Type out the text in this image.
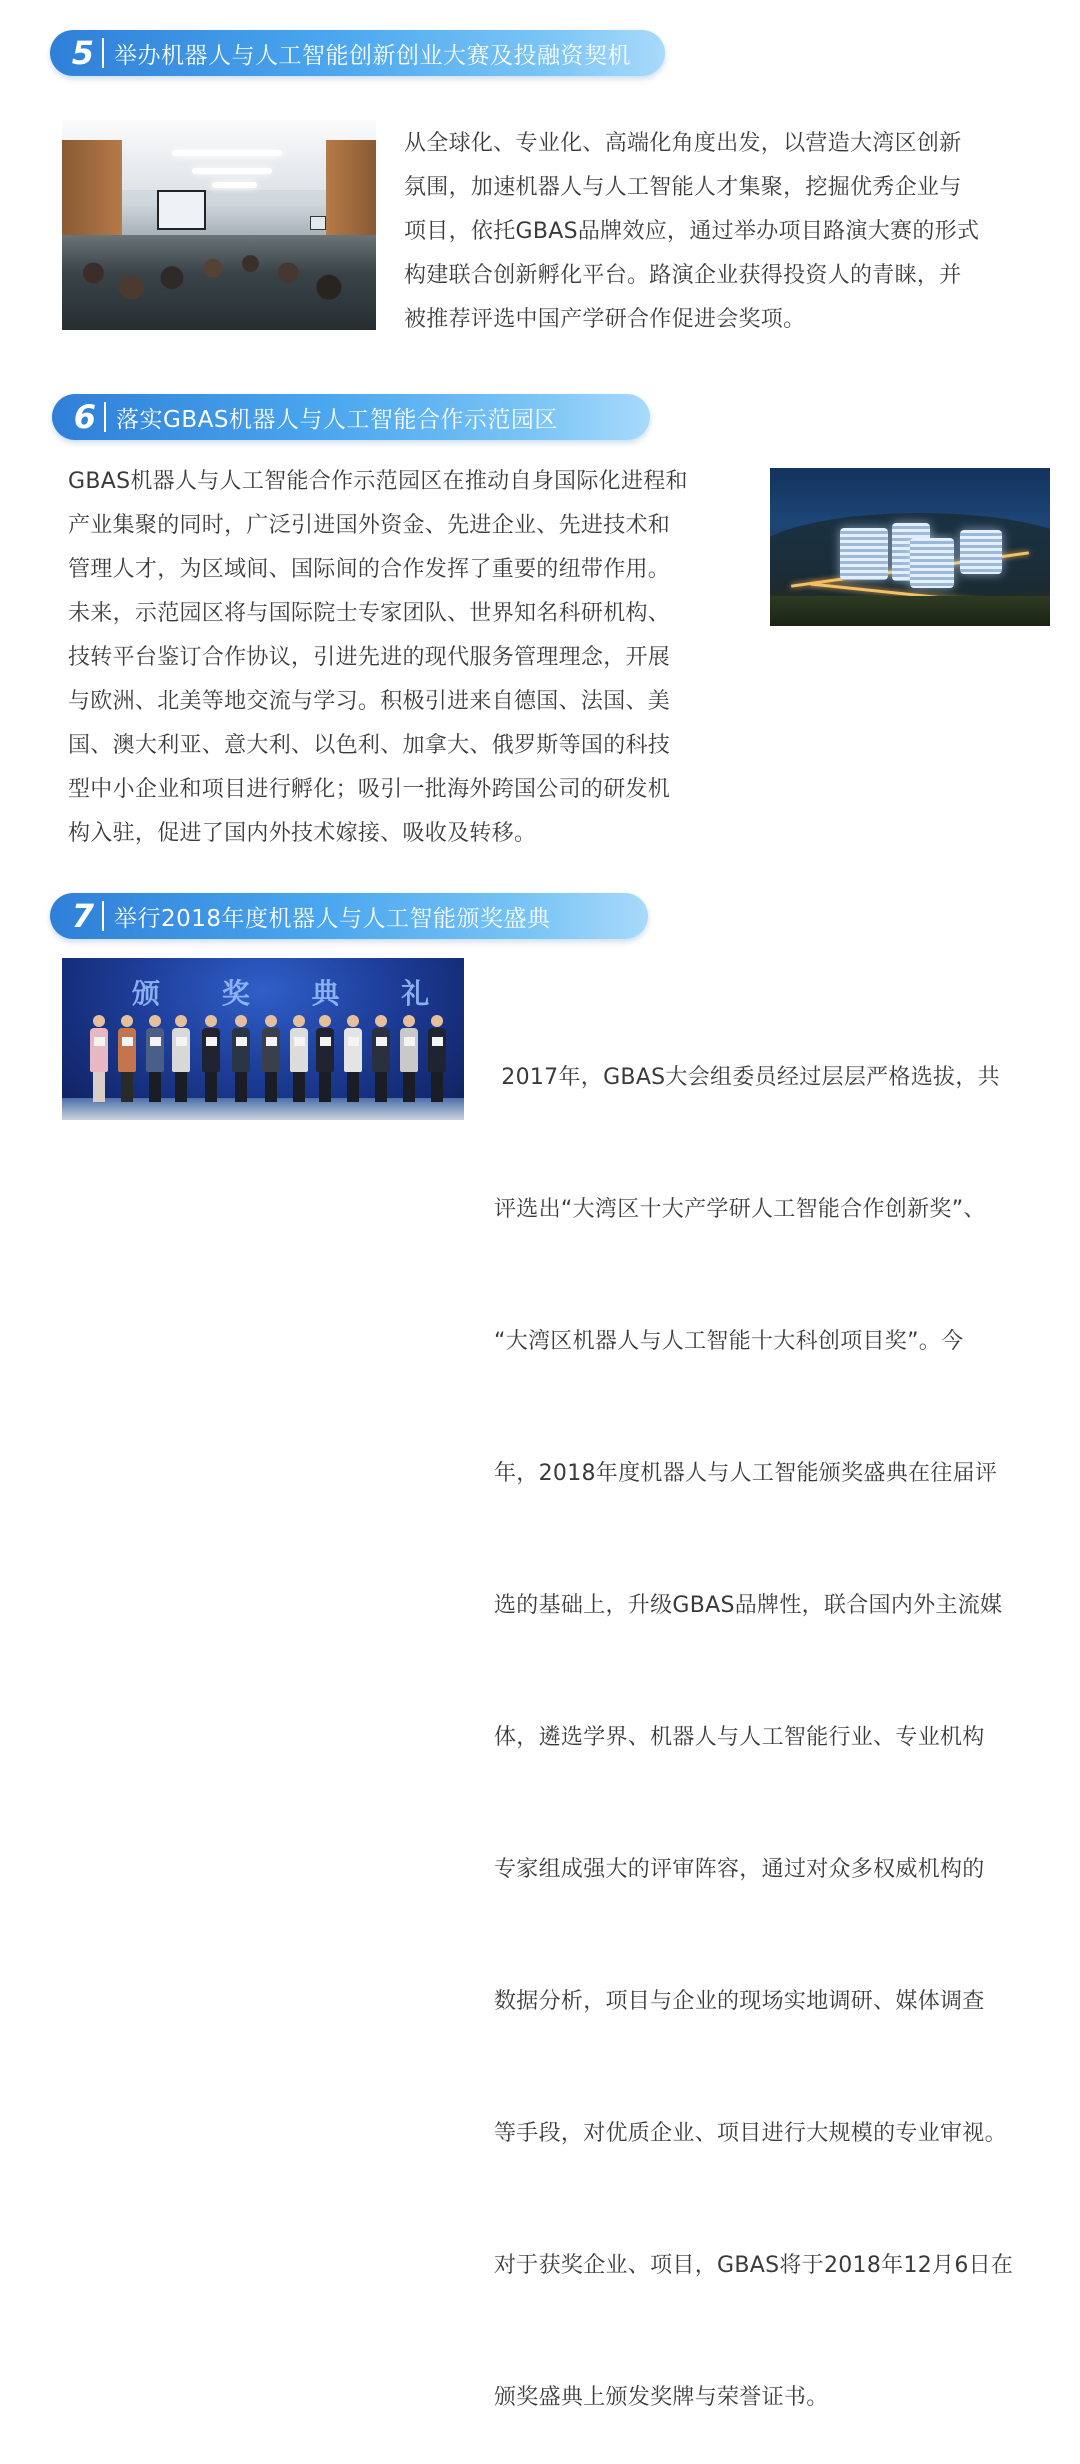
5 举办机器人与人工智能创新创业大赛及投融资契机
从全球化、专业化、高端化角度出发，以营造大湾区创新
氛围，加速机器人与人工智能人才集聚，挖掘优秀企业与
项目，依托GBAS品牌效应，通过举办项目路演大赛的形式
构建联合创新孵化平台。路演企业获得投资人的青睐，并
被推荐评选中国产学研合作促进会奖项。
6 落实GBAS机器人与人工智能合作示范园区
GBAS机器人与人工智能合作示范园区在推动自身国际化进程和
产业集聚的同时，广泛引进国外资金、先进企业、先进技术和
管理人才，为区域间、国际间的合作发挥了重要的纽带作用。
未来，示范园区将与国际院士专家团队、世界知名科研机构、
技转平台鉴订合作协议，引进先进的现代服务管理理念，开展
与欧洲、北美等地交流与学习。积极引进来自德国、法国、美
国、澳大利亚、意大利、以色利、加拿大、俄罗斯等国的科技
型中小企业和项目进行孵化；吸引一批海外跨国公司的研发机
构入驻，促进了国内外技术嫁接、吸收及转移。
7 举行2018年度机器人与人工智能颁奖盛典
颁 奖 典 礼

2017年，GBAS大会组委员经过层层严格选拔，共

评选出“大湾区十大产学研人工智能合作创新奖”、

“大湾区机器人与人工智能十大科创项目奖”。今

年，2018年度机器人与人工智能颁奖盛典在往届评

选的基础上，升级GBAS品牌性，联合国内外主流媒

体，遴选学界、机器人与人工智能行业、专业机构

专家组成强大的评审阵容，通过对众多权威机构的

数据分析，项目与企业的现场实地调研、媒体调查

等手段，对优质企业、项目进行大规模的专业审视。

对于获奖企业、项目，GBAS将于2018年12月6日在

颁奖盛典上颁发奖牌与荣誉证书。
